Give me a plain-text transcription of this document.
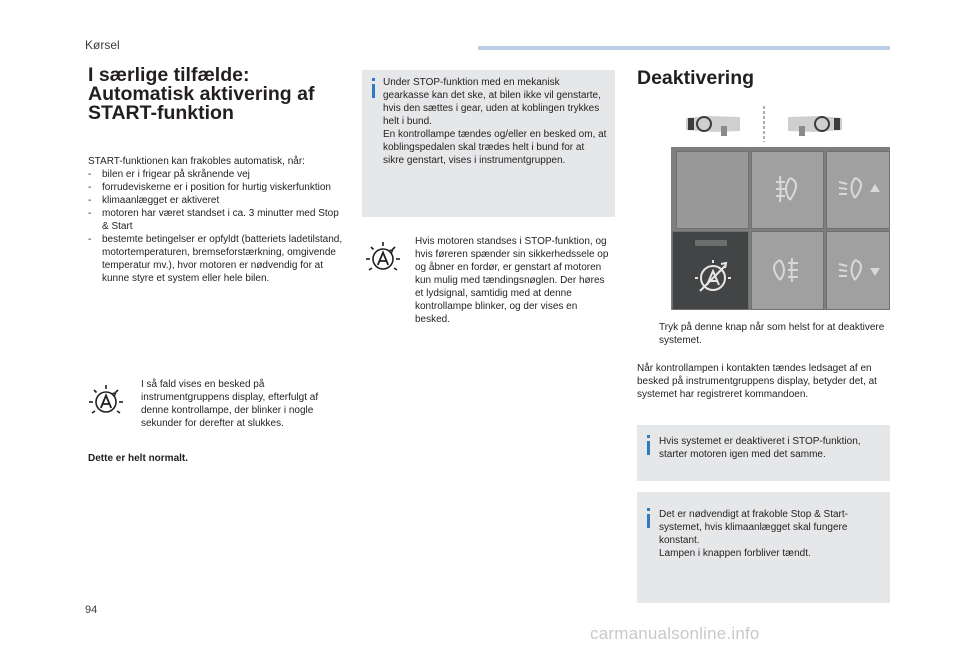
Kørsel
I særlige tilfælde:
Automatisk aktivering af
START-funktion
START-funktionen kan frakobles automatisk, når:
- bilen er i frigear på skrånende vej
- forrudeviskerne er i position for hurtig viskerfunktion
- klimaanlægget er aktiveret
- motoren har været standset i ca. 3 minutter med Stop & Start
- bestemte betingelser er opfyldt (batteriets ladetilstand, motortemperaturen, bremseforstærkning, omgivende temperatur mv.), hvor motoren er nødvendig for at kunne styre et system eller hele bilen.
I så fald vises en besked på instrumentgruppens display, efterfulgt af denne kontrollampe, der blinker i nogle sekunder for derefter at slukkes.
Dette er helt normalt.
Under STOP-funktion med en mekanisk gearkasse kan det ske, at bilen ikke vil genstarte, hvis den sættes i gear, uden at koblingen trykkes helt i bund.
En kontrollampe tændes og/eller en besked om, at koblingspedalen skal trædes helt i bund for at sikre genstart, vises i instrumentgruppen.
Hvis motoren standses i STOP-funktion, og hvis føreren spænder sin sikkerhedssele op og åbner en fordør, er genstart af motoren kun mulig med tændingsnøglen. Der høres et lydsignal, samtidig med at denne kontrollampe blinker, og der vises en besked.
Deaktivering
Tryk på denne knap når som helst for at deaktivere systemet.
Når kontrollampen i kontakten tændes ledsaget af en besked på instrumentgruppens display, betyder det, at systemet har registreret kommandoen.
Hvis systemet er deaktiveret i STOP-funktion, starter motoren igen med det samme.
Det er nødvendigt at frakoble Stop & Start-systemet, hvis klimaanlægget skal fungere konstant.
Lampen i knappen forbliver tændt.
94
carmanualsonline.info
